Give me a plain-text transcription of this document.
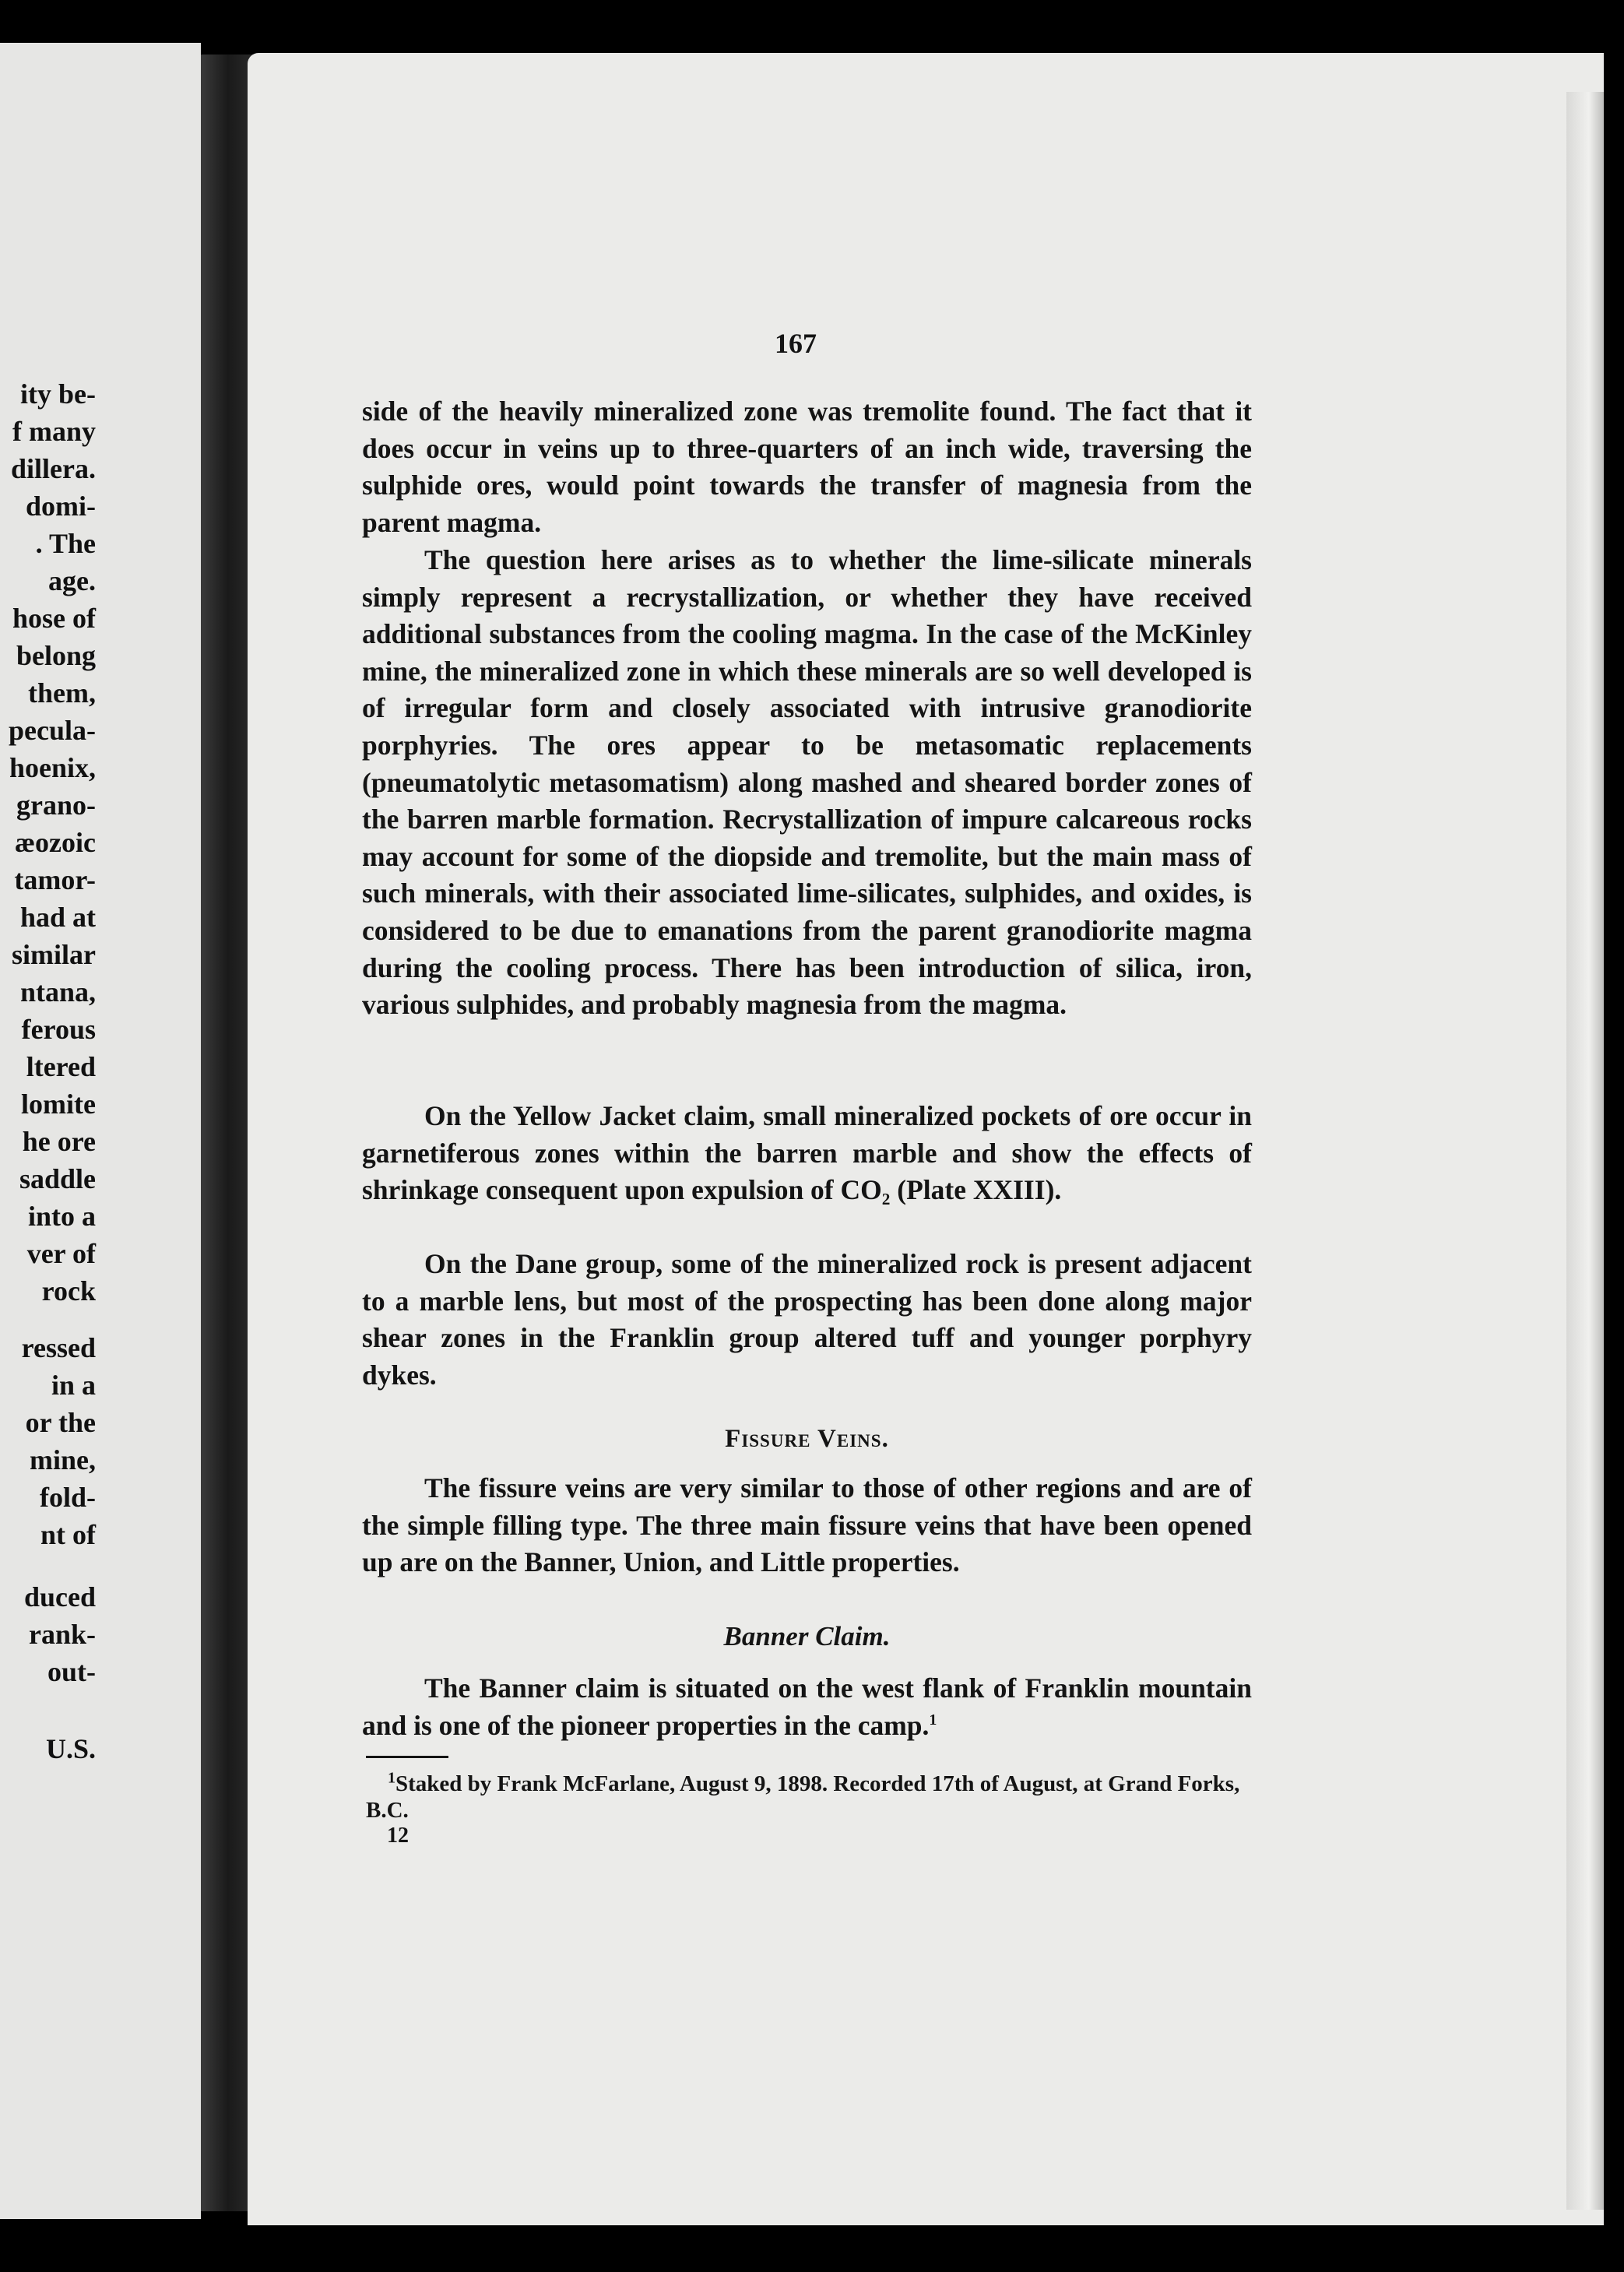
ity be-
f many
dillera.
domi-
. The
age.
hose of
belong
them,
pecula-
hoenix,
grano-
æozoic
tamor-
had at
similar
ntana,
ferous
ltered
lomite
he ore
saddle
into a
ver of
rock
ressed
in a
or the
mine,
fold-
nt of
duced
rank-
out-
U.S.
167
side of the heavily mineralized zone was tremolite found. The fact that it does occur in veins up to three-quarters of an inch wide, traversing the sulphide ores, would point towards the transfer of magnesia from the parent magma.
The question here arises as to whether the lime-silicate minerals simply represent a recrystallization, or whether they have received additional substances from the cooling magma. In the case of the McKinley mine, the mineralized zone in which these minerals are so well developed is of irregular form and closely associated with intrusive granodiorite porphyries. The ores appear to be metasomatic replacements (pneumatolytic metasomatism) along mashed and sheared border zones of the barren marble formation. Recrystallization of impure calcareous rocks may account for some of the diopside and tremolite, but the main mass of such minerals, with their associated lime-silicates, sulphides, and oxides, is considered to be due to emanations from the parent granodiorite magma during the cooling process. There has been introduction of silica, iron, various sulphides, and probably magnesia from the magma.
On the Yellow Jacket claim, small mineralized pockets of ore occur in garnetiferous zones within the barren marble and show the effects of shrinkage consequent upon expulsion of CO₂ (Plate XXIII).
On the Dane group, some of the mineralized rock is present adjacent to a marble lens, but most of the prospecting has been done along major shear zones in the Franklin group altered tuff and younger porphyry dykes.
Fissure Veins.
The fissure veins are very similar to those of other regions and are of the simple filling type. The three main fissure veins that have been opened up are on the Banner, Union, and Little properties.
Banner Claim.
The Banner claim is situated on the west flank of Franklin mountain and is one of the pioneer properties in the camp.$^1$
$^1$Staked by Frank McFarlane, August 9, 1898. Recorded 17th of August, at Grand Forks, B.C.
12
